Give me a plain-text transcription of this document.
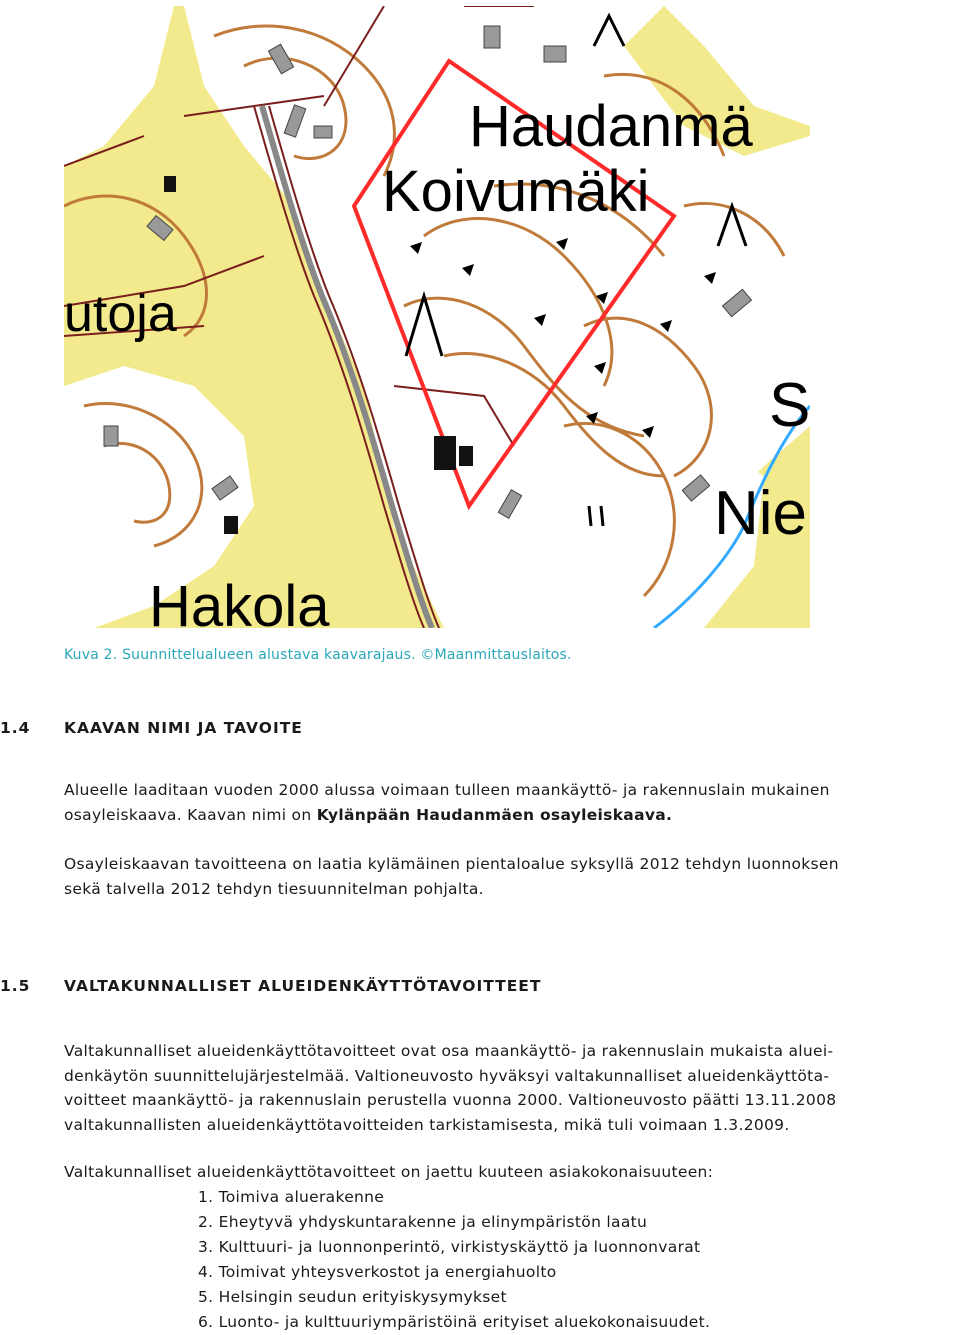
Haudanmä
Koivumäki
utoja
Hakola
S
Nie
Kuva 2. Suunnittelualueen alustava kaavarajaus. ©Maanmittauslaitos.
1.4 KAAVAN NIMI JA TAVOITE

Alueelle laaditaan vuoden 2000 alussa voimaan tulleen maankäyttö- ja rakennuslain mukainen

osayleiskaava. Kaavan nimi on Kylänpään Haudanmäen osayleiskaava.

Osayleiskaavan tavoitteena on laatia kylämäinen pientaloalue syksyllä 2012 tehdyn luonnoksen

sekä talvella 2012 tehdyn tiesuunnitelman pohjalta.

1.5 VALTAKUNNALLISET ALUEIDENKÄYTTÖTAVOITTEET

Valtakunnalliset alueidenkäyttötavoitteet ovat osa maankäyttö- ja rakennuslain mukaista aluei-

denkäytön suunnittelujärjestelmää. Valtioneuvosto hyväksyi valtakunnalliset alueidenkäyttöta-

voitteet maankäyttö- ja rakennuslain perustella vuonna 2000. Valtioneuvosto päätti 13.11.2008

valtakunnallisten alueidenkäyttötavoitteiden tarkistamisesta, mikä tuli voimaan 1.3.2009.

Valtakunnalliset alueidenkäyttötavoitteet on jaettu kuuteen asiakokonaisuuteen:

1. Toimiva aluerakenne
2. Eheytyvä yhdyskuntarakenne ja elinympäristön laatu
3. Kulttuuri- ja luonnonperintö, virkistyskäyttö ja luonnonvarat
4. Toimivat yhteysverkostot ja energiahuolto
5. Helsingin seudun erityiskysymykset
6. Luonto- ja kulttuuriympäristöinä erityiset aluekokonaisuudet.
